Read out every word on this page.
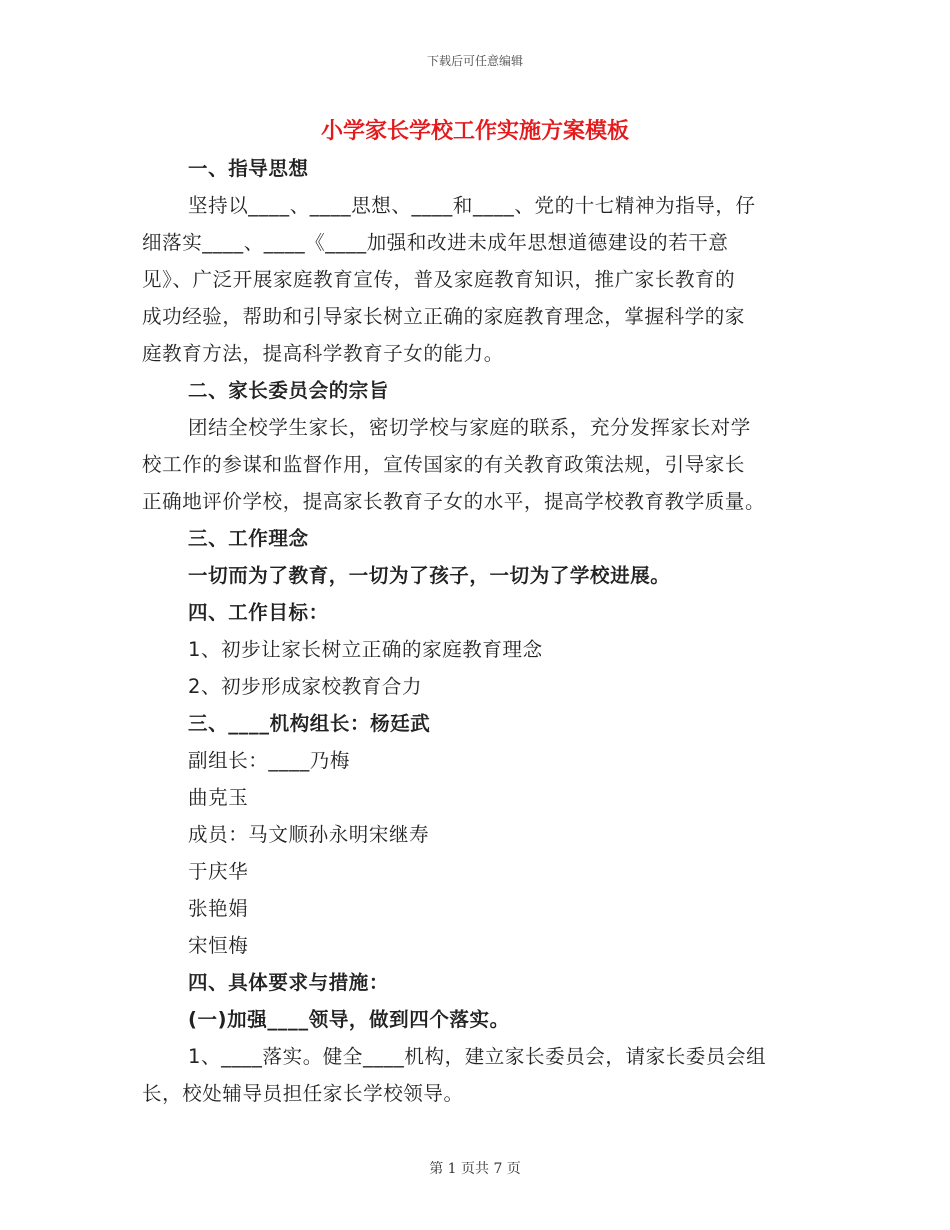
下载后可任意编辑
小学家长学校工作实施方案模板
一、指导思想
坚持以____、____思想、____和____、党的十七精神为指导，仔
细落实____、____《____加强和改进未成年思想道德建设的若干意
见》、广泛开展家庭教育宣传，普及家庭教育知识，推广家长教育的
成功经验，帮助和引导家长树立正确的家庭教育理念，掌握科学的家
庭教育方法，提高科学教育子女的能力。
二、家长委员会的宗旨
团结全校学生家长，密切学校与家庭的联系，充分发挥家长对学
校工作的参谋和监督作用，宣传国家的有关教育政策法规，引导家长
正确地评价学校，提高家长教育子女的水平，提高学校教育教学质量。
三、工作理念
一切而为了教育，一切为了孩子，一切为了学校进展。
四、工作目标：
1、初步让家长树立正确的家庭教育理念
2、初步形成家校教育合力
三、____机构组长：杨廷武
副组长：____乃梅
曲克玉
成员：马文顺孙永明宋继寿
于庆华
张艳娟
宋恒梅
四、具体要求与措施：
(一)加强____领导，做到四个落实。
1、____落实。健全____机构，建立家长委员会，请家长委员会组
长，校处辅导员担任家长学校领导。
第 1 页共 7 页
